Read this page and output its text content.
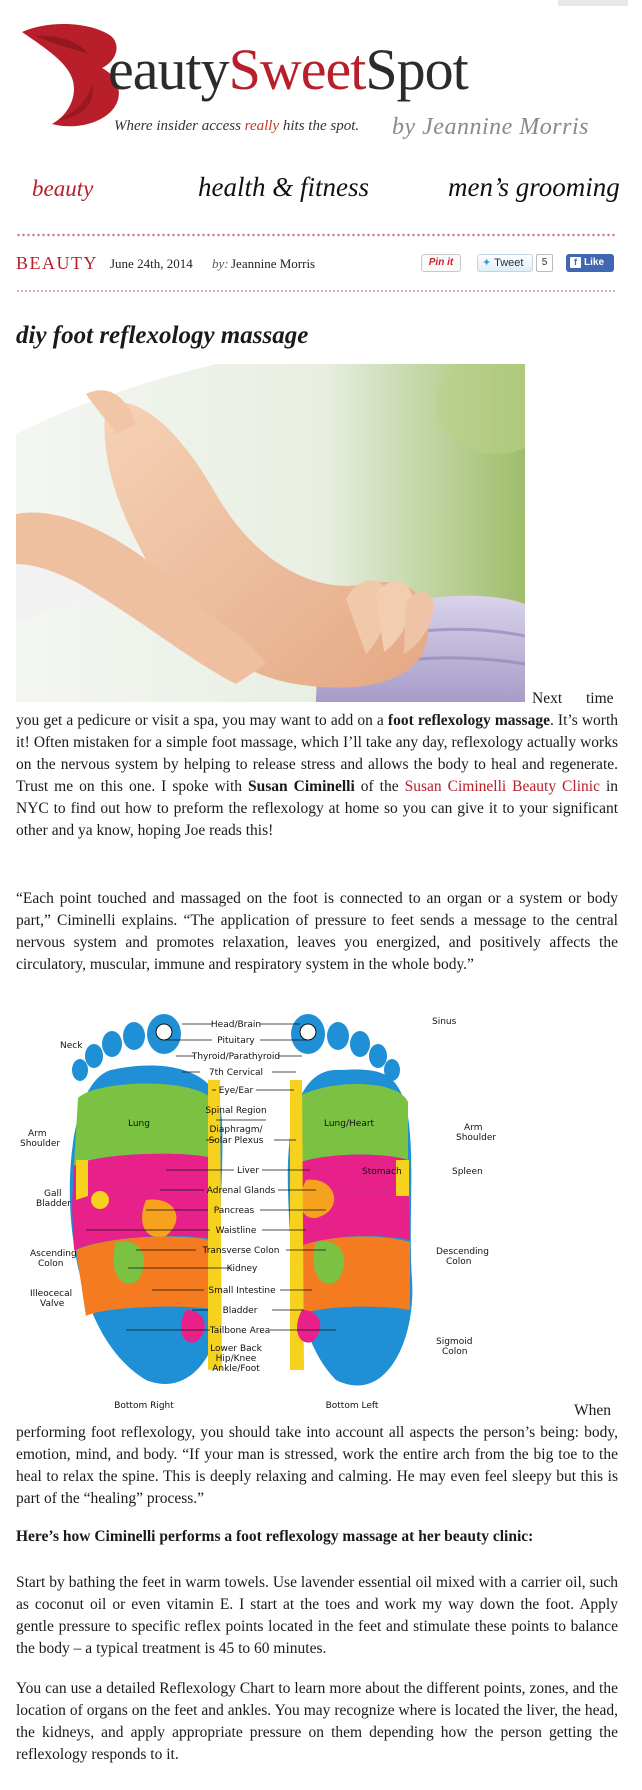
eautySweetSpot
Where insider access really hits the spot. by Jeannine Morris
beauty	health & fitness	men’s grooming
BEAUTY June 24th, 2014 by: Jeannine Morris	Pin it	✦ Tweet	5	f Like
diy foot reflexology massage
Next time

you get a pedicure or visit a spa, you may want to add on a foot reflexology massage. It’s worth it! Often mistaken for a simple foot massage, which I’ll take any day, reflexology actually works on the nervous system by helping to release stress and allows the body to heal and regenerate. Trust me on this one. I spoke with Susan Ciminelli of the Susan Ciminelli Beauty Clinic in NYC to find out how to preform the reflexology at home so you can give it to your significant other and ya know, hoping Joe reads this!

“Each point touched and massaged on the foot is connected to an organ or a system or body part,” Ciminelli explains. “The application of pressure to feet sends a message to the central nervous system and promotes relaxation, leaves you energized, and positively affects the circulatory, muscular, immune and respiratory system in the whole body.”

Head/Brain
Pituitary
Thyroid/Parathyroid
7th Cervical
Eye/Ear
Spinal Region
Diaphragm/
Solar Plexus
Liver
Adrenal Glands
Pancreas
Waistline
Transverse Colon
Kidney
Small Intestine
Bladder
Tailbone Area
Lower Back
Hip/Knee
Ankle/Foot
Neck
Arm
Shoulder
Gall
Bladder
Ascending
Colon
Illeocecal
Valve
Sinus
Arm
Shoulder
Spleen
Descending
Colon
Sigmoid
Colon
Lung	Lung/Heart
Stomach
Bottom Right	Bottom Left	When

performing foot reflexology, you should take into account all aspects the person’s being: body, emotion, mind, and body. “If your man is stressed, work the entire arch from the big toe to the heal to relax the spine. This is deeply relaxing and calming. He may even feel sleepy but this is part of the “healing” process.”

Here’s how Ciminelli performs a foot reflexology massage at her beauty clinic:

Start by bathing the feet in warm towels. Use lavender essential oil mixed with a carrier oil, such as coconut oil or even vitamin E. I start at the toes and work my way down the foot. Apply gentle pressure to specific reflex points located in the feet and stimulate these points to balance the body – a typical treatment is 45 to 60 minutes.

You can use a detailed Reflexology Chart to learn more about the different points, zones, and the location of organs on the feet and ankles. You may recognize where is located the liver, the head, the kidneys, and apply appropriate pressure on them depending how the person getting the reflexology responds to it.
